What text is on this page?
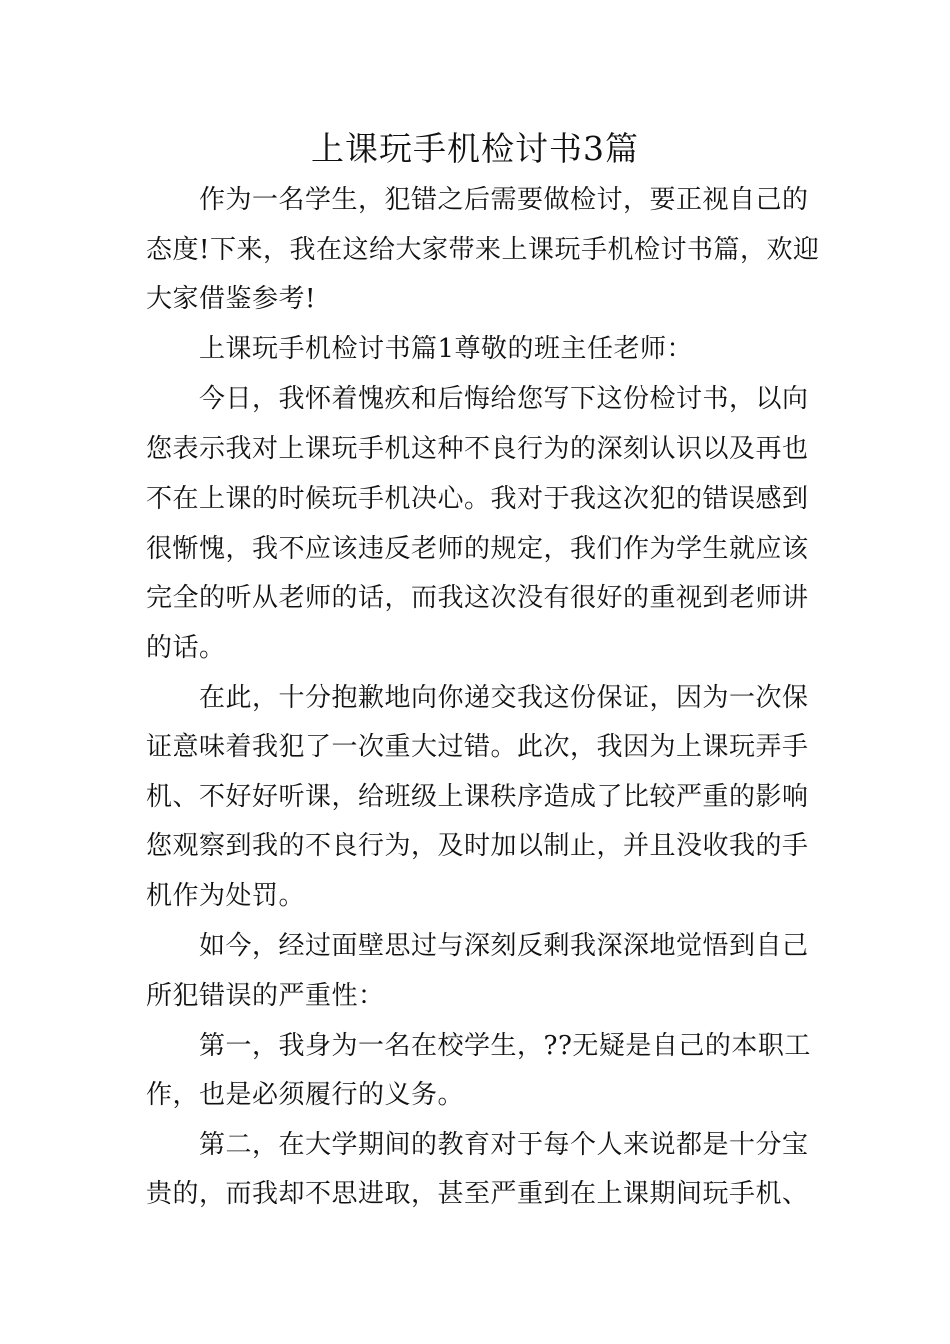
上课玩手机检讨书3篇
作为一名学生，犯错之后需要做检讨，要正视自己的
态度!下来，我在这给大家带来上课玩手机检讨书篇，欢迎
大家借鉴参考!
上课玩手机检讨书篇1尊敬的班主任老师：
今日，我怀着愧疚和后悔给您写下这份检讨书，以向
您表示我对上课玩手机这种不良行为的深刻认识以及再也
不在上课的时候玩手机决心。我对于我这次犯的错误感到
很惭愧，我不应该违反老师的规定，我们作为学生就应该
完全的听从老师的话，而我这次没有很好的重视到老师讲
的话。
在此，十分抱歉地向你递交我这份保证，因为一次保
证意味着我犯了一次重大过错。此次，我因为上课玩弄手
机、不好好听课，给班级上课秩序造成了比较严重的影响
您观察到我的不良行为，及时加以制止，并且没收我的手
机作为处罚。
如今，经过面壁思过与深刻反剩我深深地觉悟到自己
所犯错误的严重性：
第一，我身为一名在校学生，??无疑是自己的本职工
作，也是必须履行的义务。
第二，在大学期间的教育对于每个人来说都是十分宝
贵的，而我却不思进取，甚至严重到在上课期间玩手机、
